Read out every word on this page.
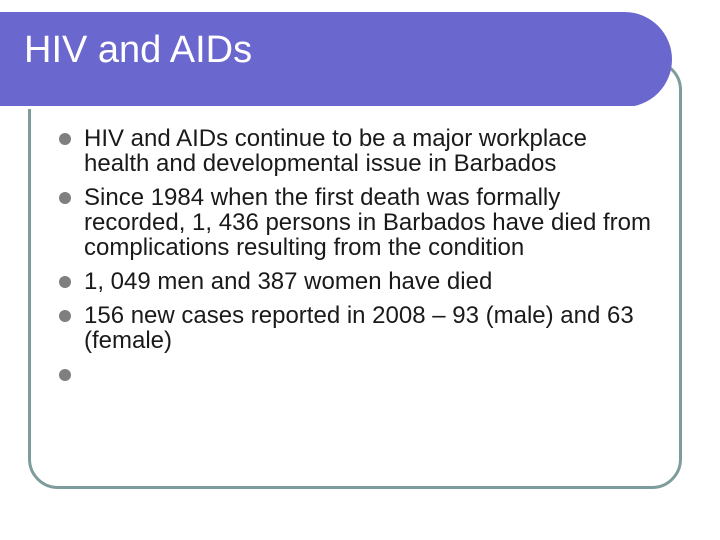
HIV and AIDs
HIV and AIDs continue to be a major workplace health and developmental issue in Barbados
Since 1984 when the first death was formally recorded, 1, 436 persons in Barbados have died from complications resulting from the condition
1, 049 men and 387 women have died
156 new cases reported in 2008 – 93 (male) and 63 (female)
